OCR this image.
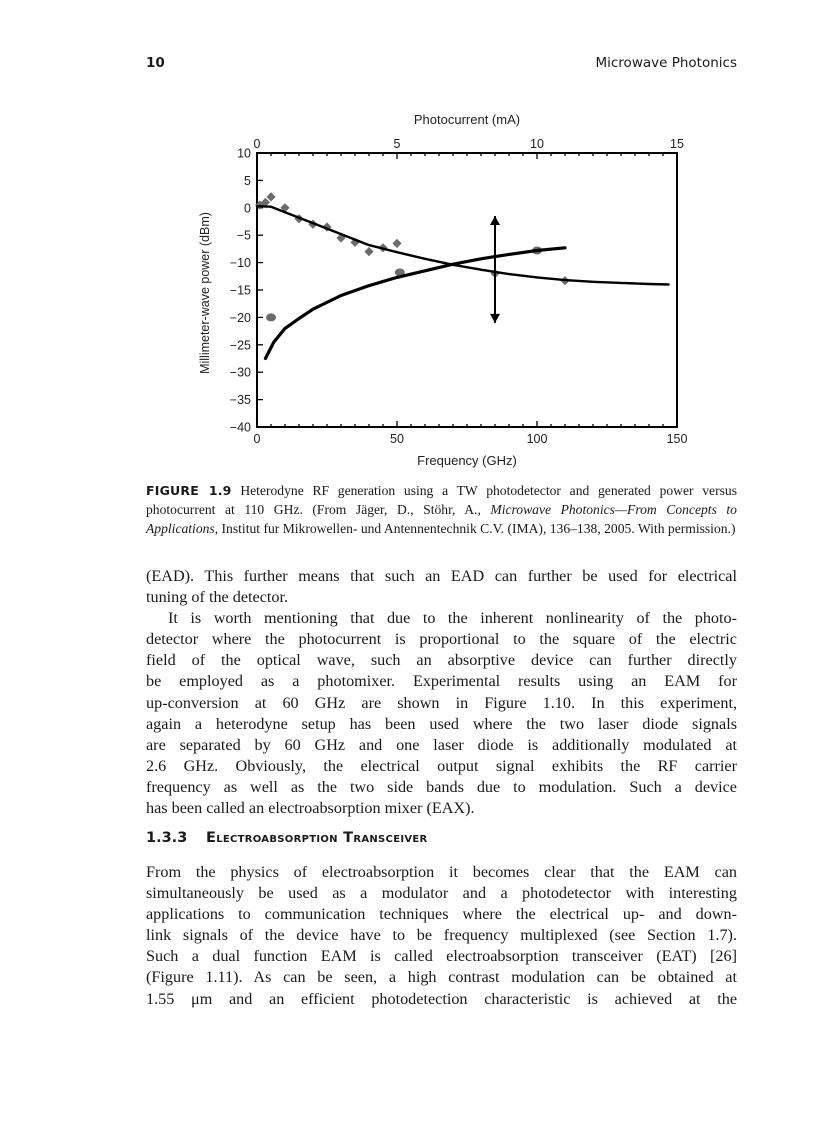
10	Microwave Photonics
0	50	100	150
0	5	10	15
10
5
0
−5
−10
−15
−20
−25
−30
−35
−40
Frequency (GHz)
Photocurrent (mA)
Millimeter-wave power (dBm)
FIGURE 1.9 Heterodyne RF generation using a TW photodetector and generated power versus photocurrent at 110 GHz. (From Jäger, D., Stöhr, A., Microwave Photonics—From Concepts to Applications, Institut fur Mikrowellen- und Antennentechnik C.V. (IMA), 136–138, 2005. With permission.)

(EAD). This further means that such an EAD can further be used for electrical

tuning of the detector.

It is worth mentioning that due to the inherent nonlinearity of the photo-

detector where the photocurrent is proportional to the square of the electric

field of the optical wave, such an absorptive device can further directly

be employed as a photomixer. Experimental results using an EAM for

up-conversion at 60 GHz are shown in Figure 1.10. In this experiment,

again a heterodyne setup has been used where the two laser diode signals

are separated by 60 GHz and one laser diode is additionally modulated at

2.6 GHz. Obviously, the electrical output signal exhibits the RF carrier

frequency as well as the two side bands due to modulation. Such a device

has been called an electroabsorption mixer (EAX).

1.3.3 Electroabsorption Transceiver

From the physics of electroabsorption it becomes clear that the EAM can

simultaneously be used as a modulator and a photodetector with interesting

applications to communication techniques where the electrical up- and down-

link signals of the device have to be frequency multiplexed (see Section 1.7).

Such a dual function EAM is called electroabsorption transceiver (EAT) [26]

(Figure 1.11). As can be seen, a high contrast modulation can be obtained at

1.55 μm and an efficient photodetection characteristic is achieved at the
